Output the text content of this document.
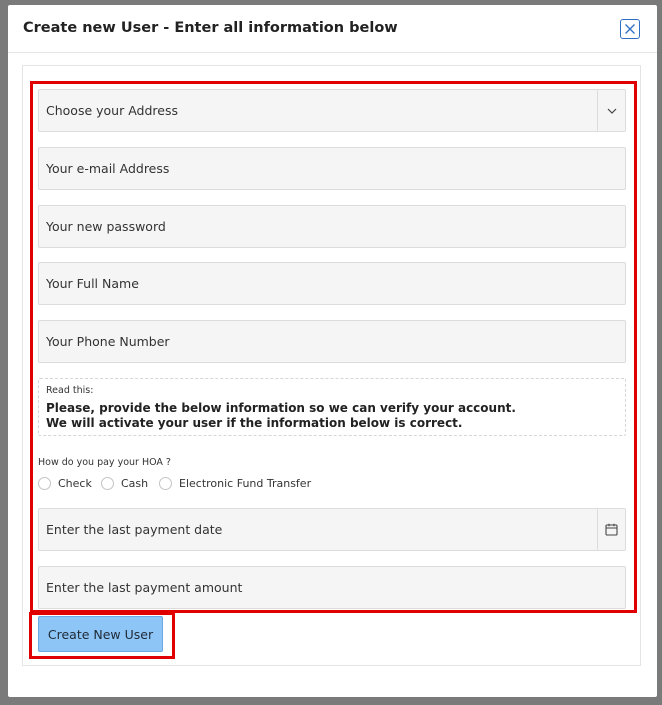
Create new User - Enter all information below
Choose your Address
Your e-mail Address
Your Full Name
Your Phone Number
Read this:
Please, provide the below information so we can verify your account.
We will activate your user if the information below is correct.
How do you pay your HOA ?
Check	Cash	Electronic Fund Transfer
Enter the last payment date
Enter the last payment amount
Create New User
